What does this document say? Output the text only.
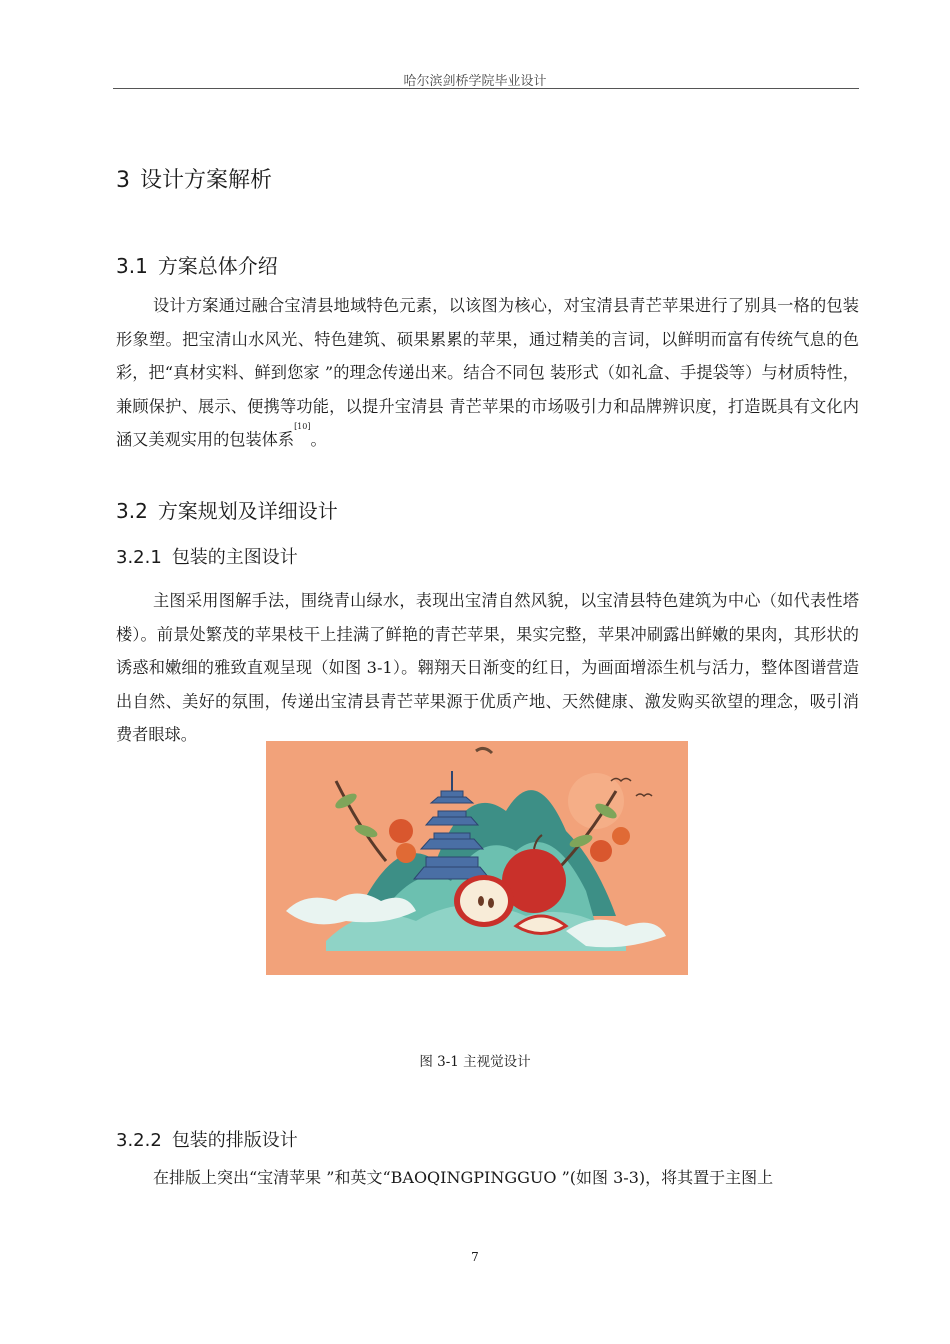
哈尔滨剑桥学院毕业设计
3 设计方案解析
3.1 方案总体介绍
设计方案通过融合宝清县地域特色元素，以该图为核心，对宝清县青芒苹果进行了别具一格的包装形象塑。把宝清山水风光、特色建筑、硕果累累的苹果，通过精美的言词，以鲜明而富有传统气息的色彩，把“真材实料、鲜到您家 ”的理念传递出来。结合不同包 装形式（如礼盒、手提袋等）与材质特性，兼顾保护、展示、便携等功能，以提升宝清县 青芒苹果的市场吸引力和品牌辨识度，打造既具有文化内涵又美观实用的包装体系[10]。
3.2 方案规划及详细设计
3.2.1 包装的主图设计
主图采用图解手法，围绕青山绿水，表现出宝清自然风貌，以宝清县特色建筑为中心（如代表性塔楼）。前景处繁茂的苹果枝干上挂满了鲜艳的青芒苹果，果实完整，苹果冲刷露出鲜嫩的果肉，其形状的诱惑和嫩细的雅致直观呈现（如图 3-1）。翱翔天日渐变的红日，为画面增添生机与活力，整体图谱营造出自然、美好的氛围，传递出宝清县青芒苹果源于优质产地、天然健康、激发购买欲望的理念，吸引消费者眼球。
图 3-1 主视觉设计
3.2.2 包装的排版设计
在排版上突出“宝清苹果 ”和英文“BAOQINGPINGGUO ”(如图 3-3)，将其置于主图上
7
